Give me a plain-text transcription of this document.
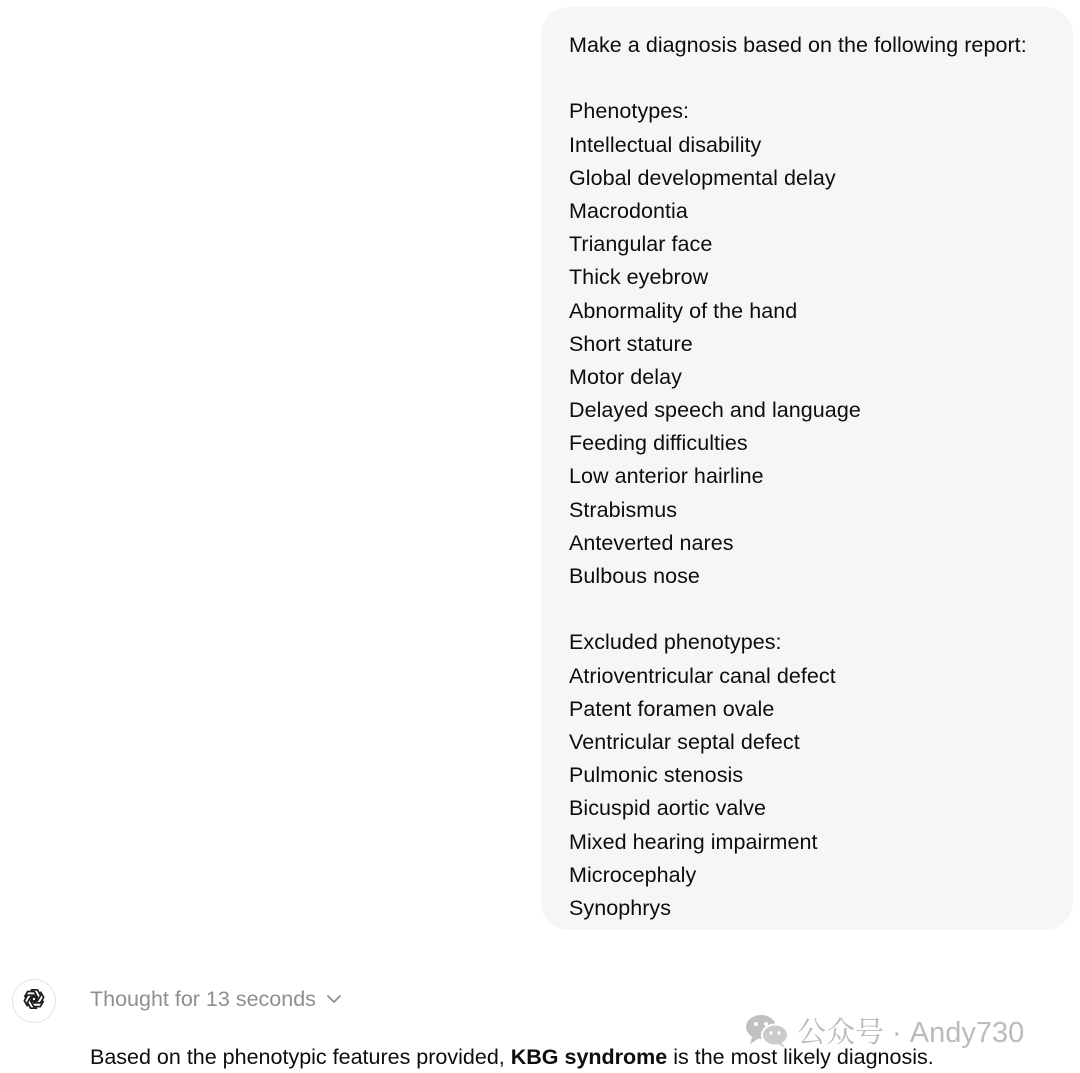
Make a diagnosis based on the following report:
Phenotypes:
Intellectual disability
Global developmental delay
Macrodontia
Triangular face
Thick eyebrow
Abnormality of the hand
Short stature
Motor delay
Delayed speech and language
Feeding difficulties
Low anterior hairline
Strabismus
Anteverted nares
Bulbous nose
Excluded phenotypes:
Atrioventricular canal defect
Patent foramen ovale
Ventricular septal defect
Pulmonic stenosis
Bicuspid aortic valve
Mixed hearing impairment
Microcephaly
Synophrys
Thought for 13 seconds
公众号 · Andy730
Based on the phenotypic features provided, KBG syndrome is the most likely diagnosis.
